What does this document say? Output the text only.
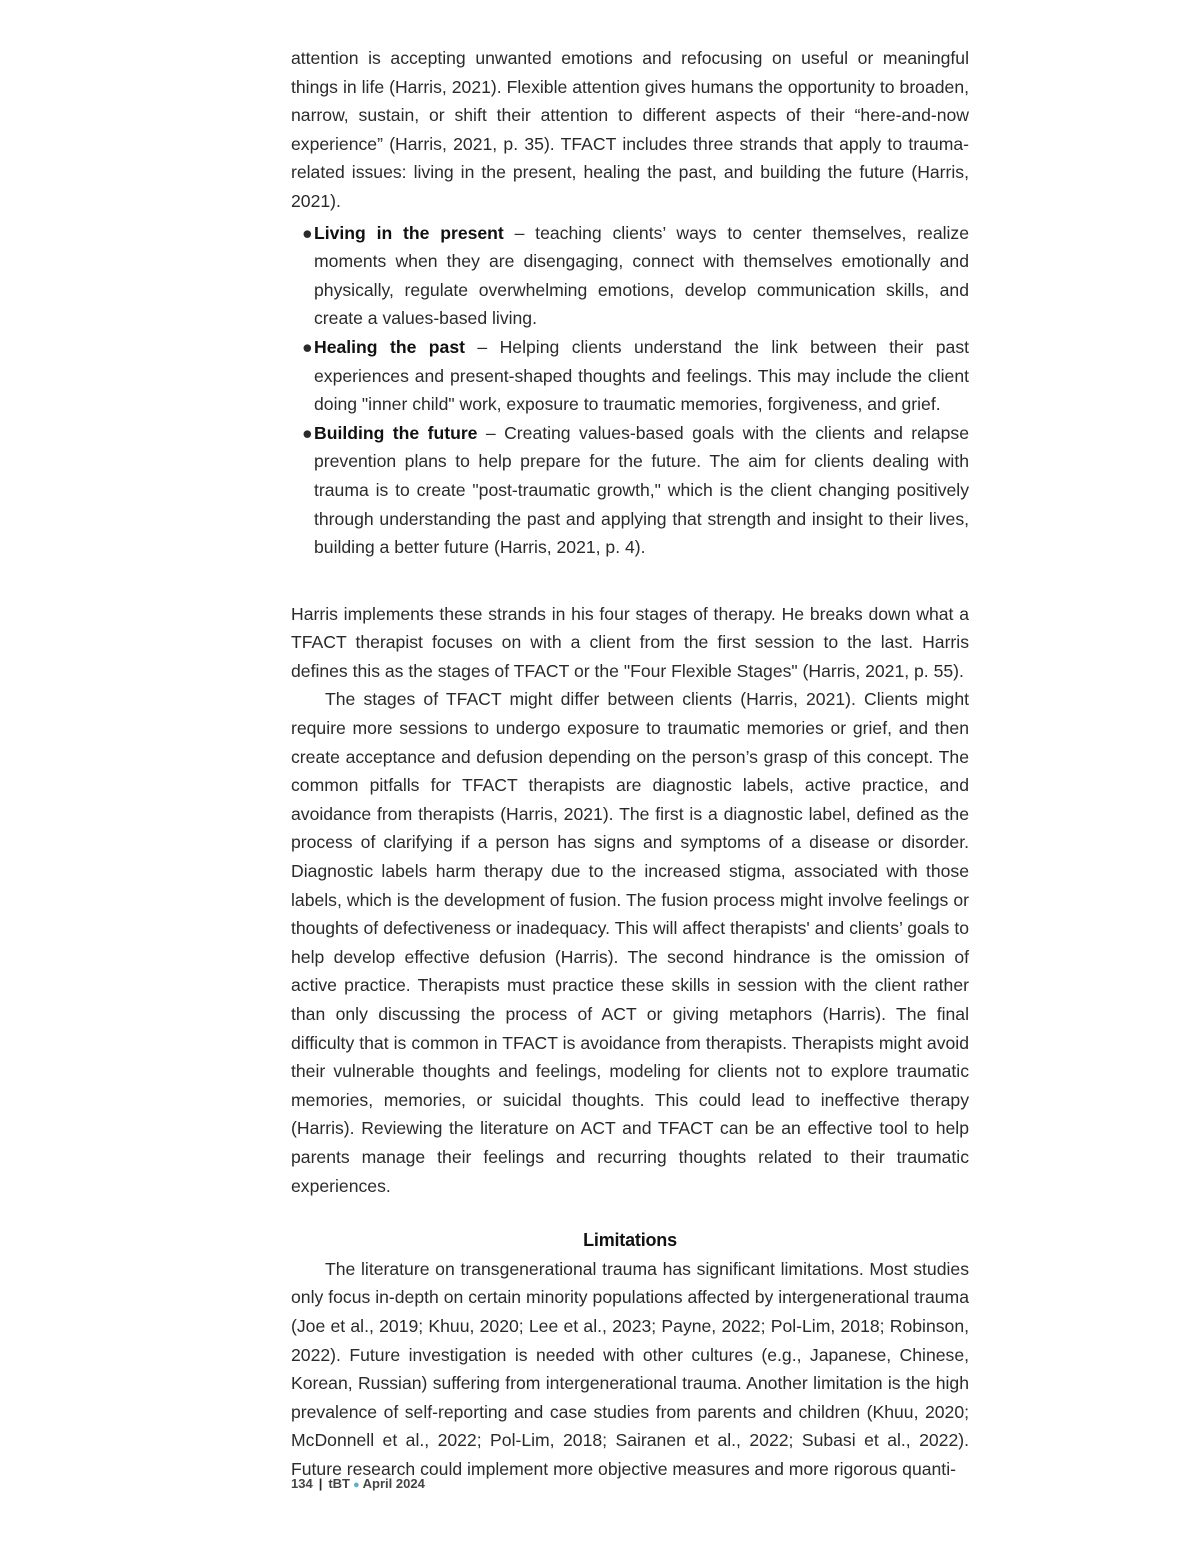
attention is accepting unwanted emotions and refocusing on useful or meaningful things in life (Harris, 2021). Flexible attention gives humans the opportunity to broaden, narrow, sustain, or shift their attention to different aspects of their “here-and-now experience” (Harris, 2021, p. 35). TFACT includes three strands that apply to trauma-related issues: living in the present, healing the past, and building the future (Harris, 2021).

● Living in the present – teaching clients’ ways to center themselves, realize moments when they are disengaging, connect with themselves emotionally and physically, regulate overwhelming emotions, develop communication skills, and create a values-based living.
● Healing the past – Helping clients understand the link between their past experiences and present-shaped thoughts and feelings. This may include the client doing "inner child" work, exposure to traumatic memories, forgiveness, and grief.
● Building the future – Creating values-based goals with the clients and relapse prevention plans to help prepare for the future. The aim for clients dealing with trauma is to create "post-traumatic growth," which is the client changing positively through understanding the past and applying that strength and insight to their lives, building a better future (Harris, 2021, p. 4).

Harris implements these strands in his four stages of therapy. He breaks down what a TFACT therapist focuses on with a client from the first session to the last. Harris defines this as the stages of TFACT or the "Four Flexible Stages" (Harris, 2021, p. 55).

The stages of TFACT might differ between clients (Harris, 2021). Clients might require more sessions to undergo exposure to traumatic memories or grief, and then create acceptance and defusion depending on the person’s grasp of this concept. The common pitfalls for TFACT therapists are diagnostic labels, active practice, and avoidance from therapists (Harris, 2021). The first is a diagnostic label, defined as the process of clarifying if a person has signs and symptoms of a disease or disorder. Diagnostic labels harm therapy due to the increased stigma, associated with those labels, which is the development of fusion. The fusion process might involve feelings or thoughts of defectiveness or inadequacy. This will affect therapists' and clients’ goals to help develop effective defusion (Harris). The second hindrance is the omission of active practice. Therapists must practice these skills in session with the client rather than only discussing the process of ACT or giving metaphors (Harris). The final difficulty that is common in TFACT is avoidance from therapists. Therapists might avoid their vulnerable thoughts and feelings, modeling for clients not to explore traumatic memories, memories, or suicidal thoughts. This could lead to ineffective therapy (Harris). Reviewing the literature on ACT and TFACT can be an effective tool to help parents manage their feelings and recurring thoughts related to their traumatic experiences.

Limitations

The literature on transgenerational trauma has significant limitations. Most studies only focus in-depth on certain minority populations affected by intergenerational trauma (Joe et al., 2019; Khuu, 2020; Lee et al., 2023; Payne, 2022; Pol-Lim, 2018; Robinson, 2022). Future investigation is needed with other cultures (e.g., Japanese, Chinese, Korean, Russian) suffering from intergenerational trauma. Another limitation is the high prevalence of self-reporting and case studies from parents and children (Khuu, 2020; McDonnell et al., 2022; Pol-Lim, 2018; Sairanen et al., 2022; Subasi et al., 2022). Future research could implement more objective measures and more rigorous quanti-

134 | tBT ● April 2024
